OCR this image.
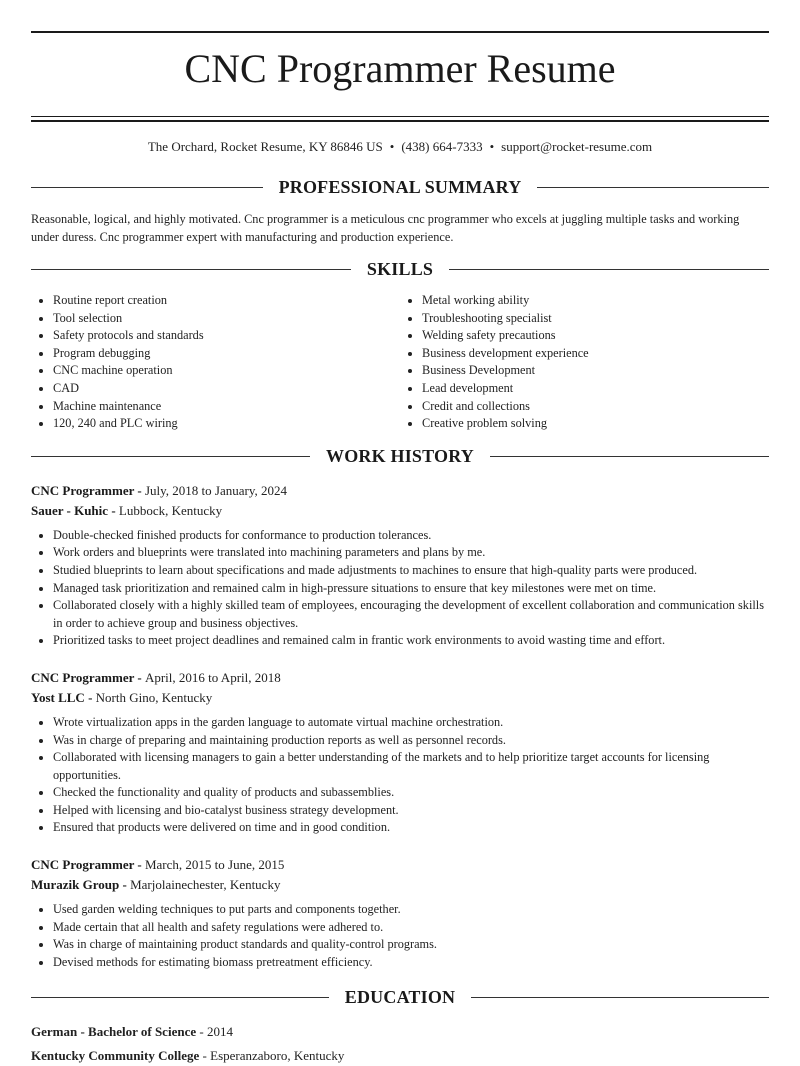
CNC Programmer Resume
The Orchard, Rocket Resume, KY 86846 US • (438) 664-7333 • support@rocket-resume.com
PROFESSIONAL SUMMARY

Reasonable, logical, and highly motivated. Cnc programmer is a meticulous cnc programmer who excels at juggling multiple tasks and working under duress. Cnc programmer expert with manufacturing and production experience.

SKILLS
Routine report creation
Tool selection
Safety protocols and standards
Program debugging
CNC machine operation
CAD
Machine maintenance
120, 240 and PLC wiring
Metal working ability
Troubleshooting specialist
Welding safety precautions
Business development experience
Business Development
Lead development
Credit and collections
Creative problem solving
WORK HISTORY
CNC Programmer - July, 2018 to January, 2024
Sauer - Kuhic - Lubbock, Kentucky
Double-checked finished products for conformance to production tolerances.
Work orders and blueprints were translated into machining parameters and plans by me.
Studied blueprints to learn about specifications and made adjustments to machines to ensure that high-quality parts were produced.
Managed task prioritization and remained calm in high-pressure situations to ensure that key milestones were met on time.
Collaborated closely with a highly skilled team of employees, encouraging the development of excellent collaboration and communication skills in order to achieve group and business objectives.
Prioritized tasks to meet project deadlines and remained calm in frantic work environments to avoid wasting time and effort.
CNC Programmer - April, 2016 to April, 2018
Yost LLC - North Gino, Kentucky
Wrote virtualization apps in the garden language to automate virtual machine orchestration.
Was in charge of preparing and maintaining production reports as well as personnel records.
Collaborated with licensing managers to gain a better understanding of the markets and to help prioritize target accounts for licensing opportunities.
Checked the functionality and quality of products and subassemblies.
Helped with licensing and bio-catalyst business strategy development.
Ensured that products were delivered on time and in good condition.
CNC Programmer - March, 2015 to June, 2015
Murazik Group - Marjolainechester, Kentucky
Used garden welding techniques to put parts and components together.
Made certain that all health and safety regulations were adhered to.
Was in charge of maintaining product standards and quality-control programs.
Devised methods for estimating biomass pretreatment efficiency.
EDUCATION
German - Bachelor of Science - 2014
Kentucky Community College - Esperanzaboro, Kentucky
